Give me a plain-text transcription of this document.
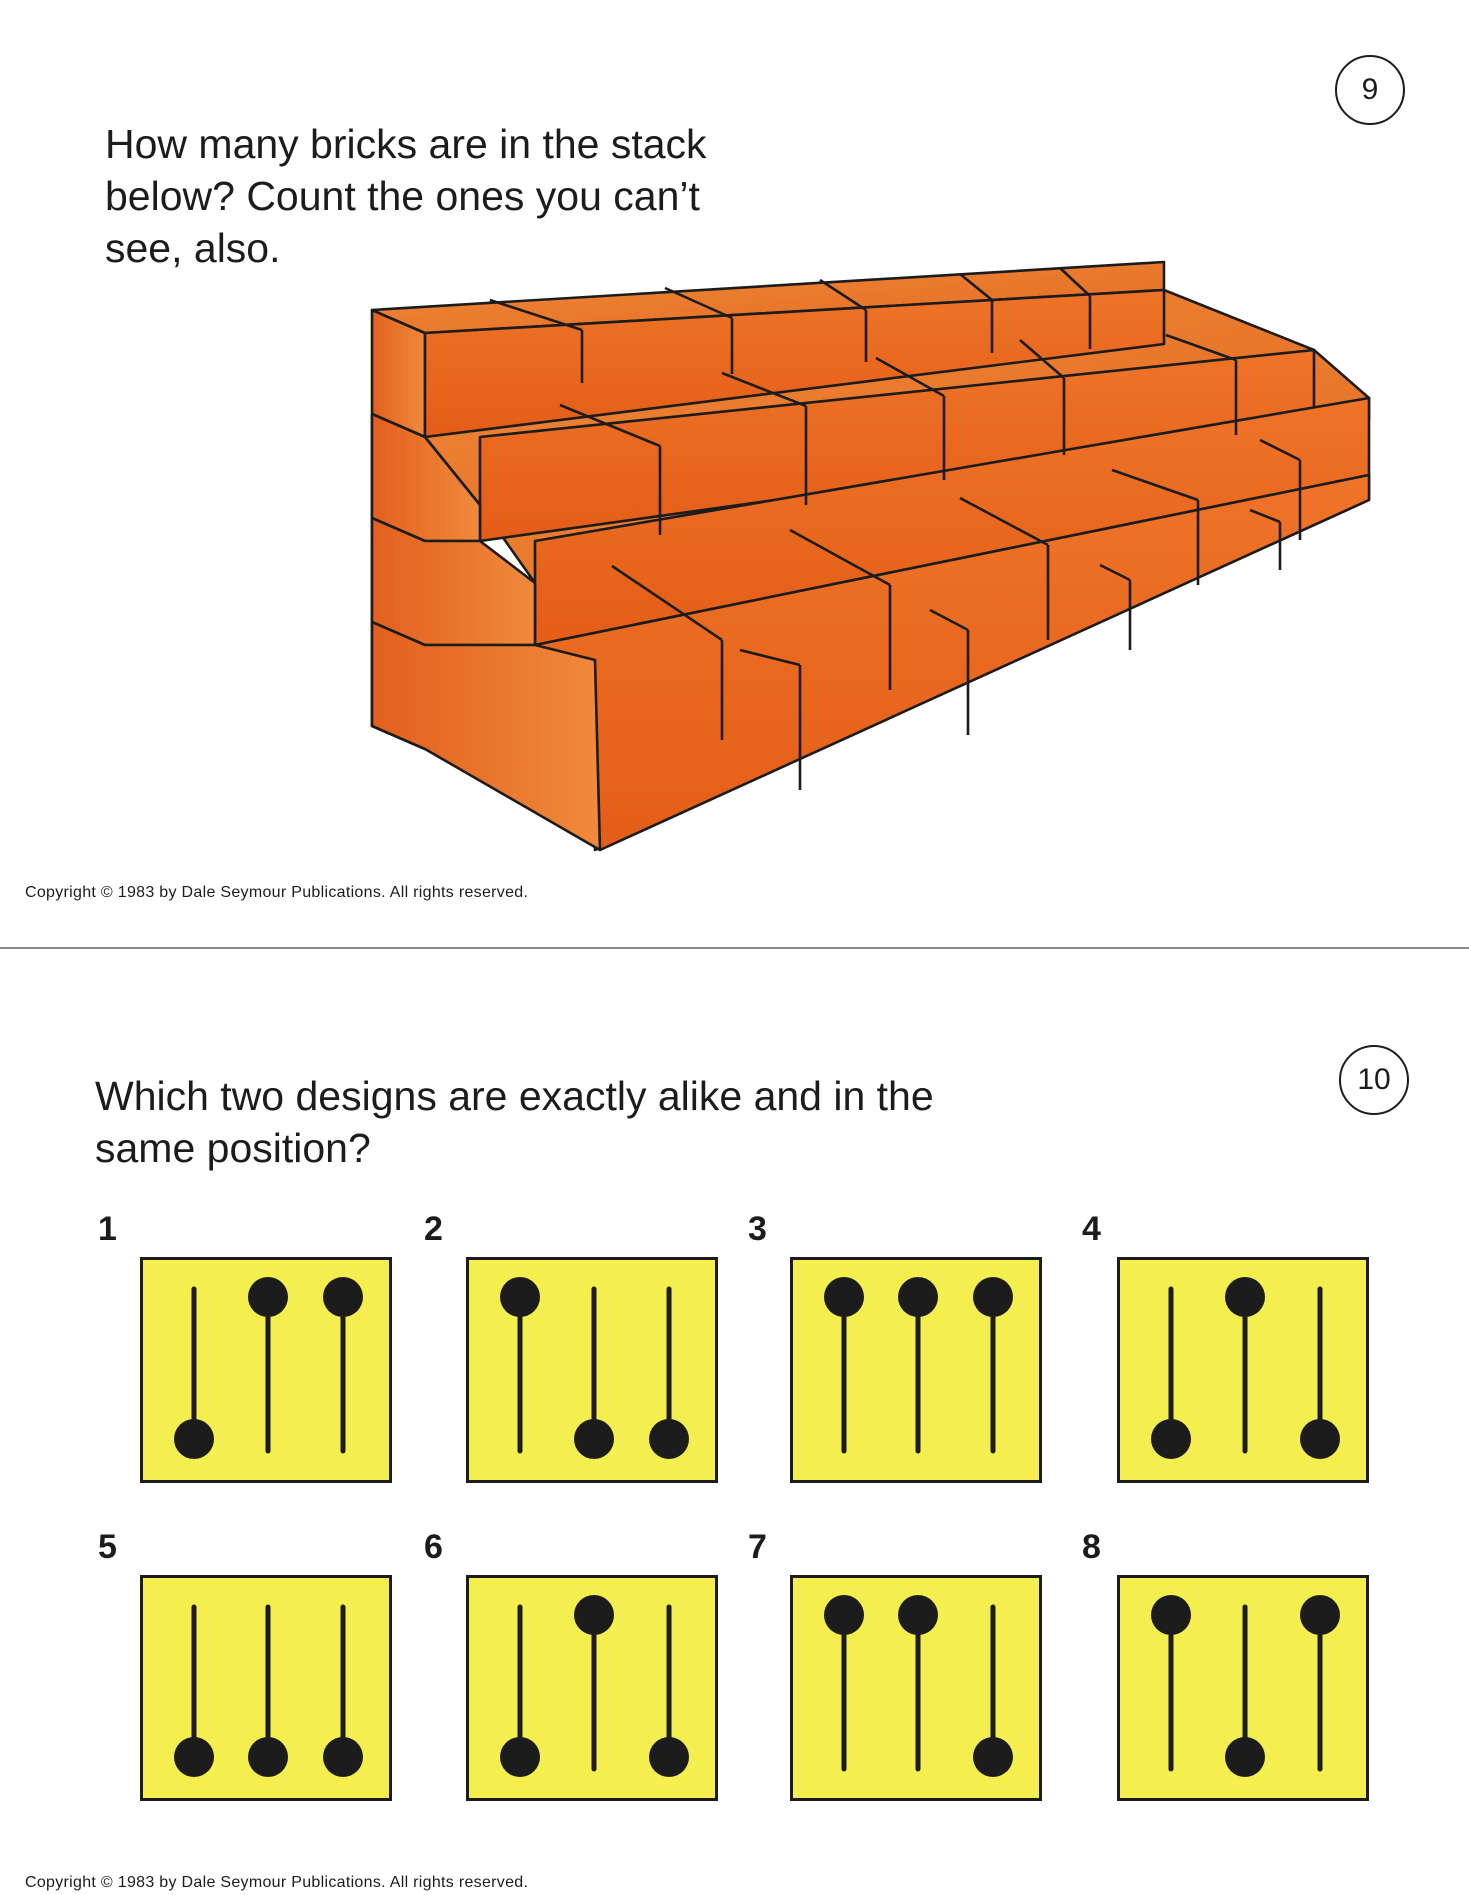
9
How many bricks are in the stack
below? Count the ones you can’t
see, also.
Copyright © 1983 by Dale Seymour Publications. All rights reserved.
10
Which two designs are exactly alike and in the
same position?
1	2	3	4
5	6	7	8
Copyright © 1983 by Dale Seymour Publications. All rights reserved.
